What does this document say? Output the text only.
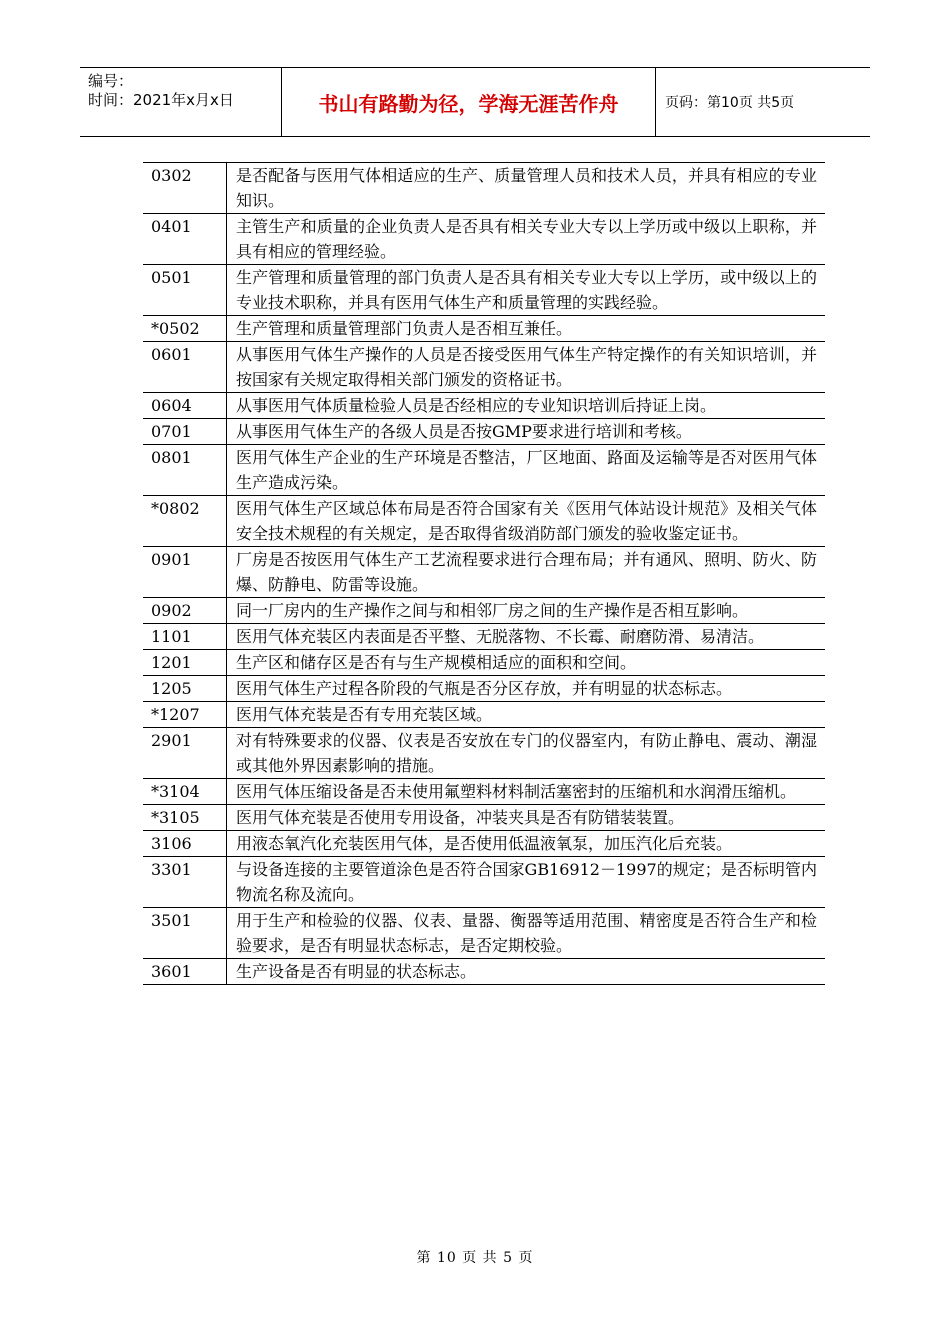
编号：
时间：2021年x月x日	书山有路勤为径，学海无涯苦作舟	页码：第10页 共5页
0302	是否配备与医用气体相适应的生产、质量管理人员和技术人员，并具有相应的专业知识。
0401	主管生产和质量的企业负责人是否具有相关专业大专以上学历或中级以上职称，并具有相应的管理经验。
0501	生产管理和质量管理的部门负责人是否具有相关专业大专以上学历，或中级以上的专业技术职称，并具有医用气体生产和质量管理的实践经验。
*0502	生产管理和质量管理部门负责人是否相互兼任。
0601	从事医用气体生产操作的人员是否接受医用气体生产特定操作的有关知识培训，并按国家有关规定取得相关部门颁发的资格证书。
0604	从事医用气体质量检验人员是否经相应的专业知识培训后持证上岗。
0701	从事医用气体生产的各级人员是否按GMP要求进行培训和考核。
0801	医用气体生产企业的生产环境是否整洁，厂区地面、路面及运输等是否对医用气体生产造成污染。
*0802	医用气体生产区域总体布局是否符合国家有关《医用气体站设计规范》及相关气体安全技术规程的有关规定，是否取得省级消防部门颁发的验收鉴定证书。
0901	厂房是否按医用气体生产工艺流程要求进行合理布局；并有通风、照明、防火、防爆、防静电、防雷等设施。
0902	同一厂房内的生产操作之间与和相邻厂房之间的生产操作是否相互影响。
1101	医用气体充装区内表面是否平整、无脱落物、不长霉、耐磨防滑、易清洁。
1201	生产区和储存区是否有与生产规模相适应的面积和空间。
1205	医用气体生产过程各阶段的气瓶是否分区存放，并有明显的状态标志。
*1207	医用气体充装是否有专用充装区域。
2901	对有特殊要求的仪器、仪表是否安放在专门的仪器室内，有防止静电、震动、潮湿或其他外界因素影响的措施。
*3104	医用气体压缩设备是否未使用氟塑料材料制活塞密封的压缩机和水润滑压缩机。
*3105	医用气体充装是否使用专用设备，冲装夹具是否有防错装装置。
3106	用液态氧汽化充装医用气体，是否使用低温液氧泵，加压汽化后充装。
3301	与设备连接的主要管道涂色是否符合国家GB16912－1997的规定；是否标明管内物流名称及流向。
3501	用于生产和检验的仪器、仪表、量器、衡器等适用范围、精密度是否符合生产和检验要求，是否有明显状态标志，是否定期校验。
3601	生产设备是否有明显的状态标志。
第 10 页 共 5 页
